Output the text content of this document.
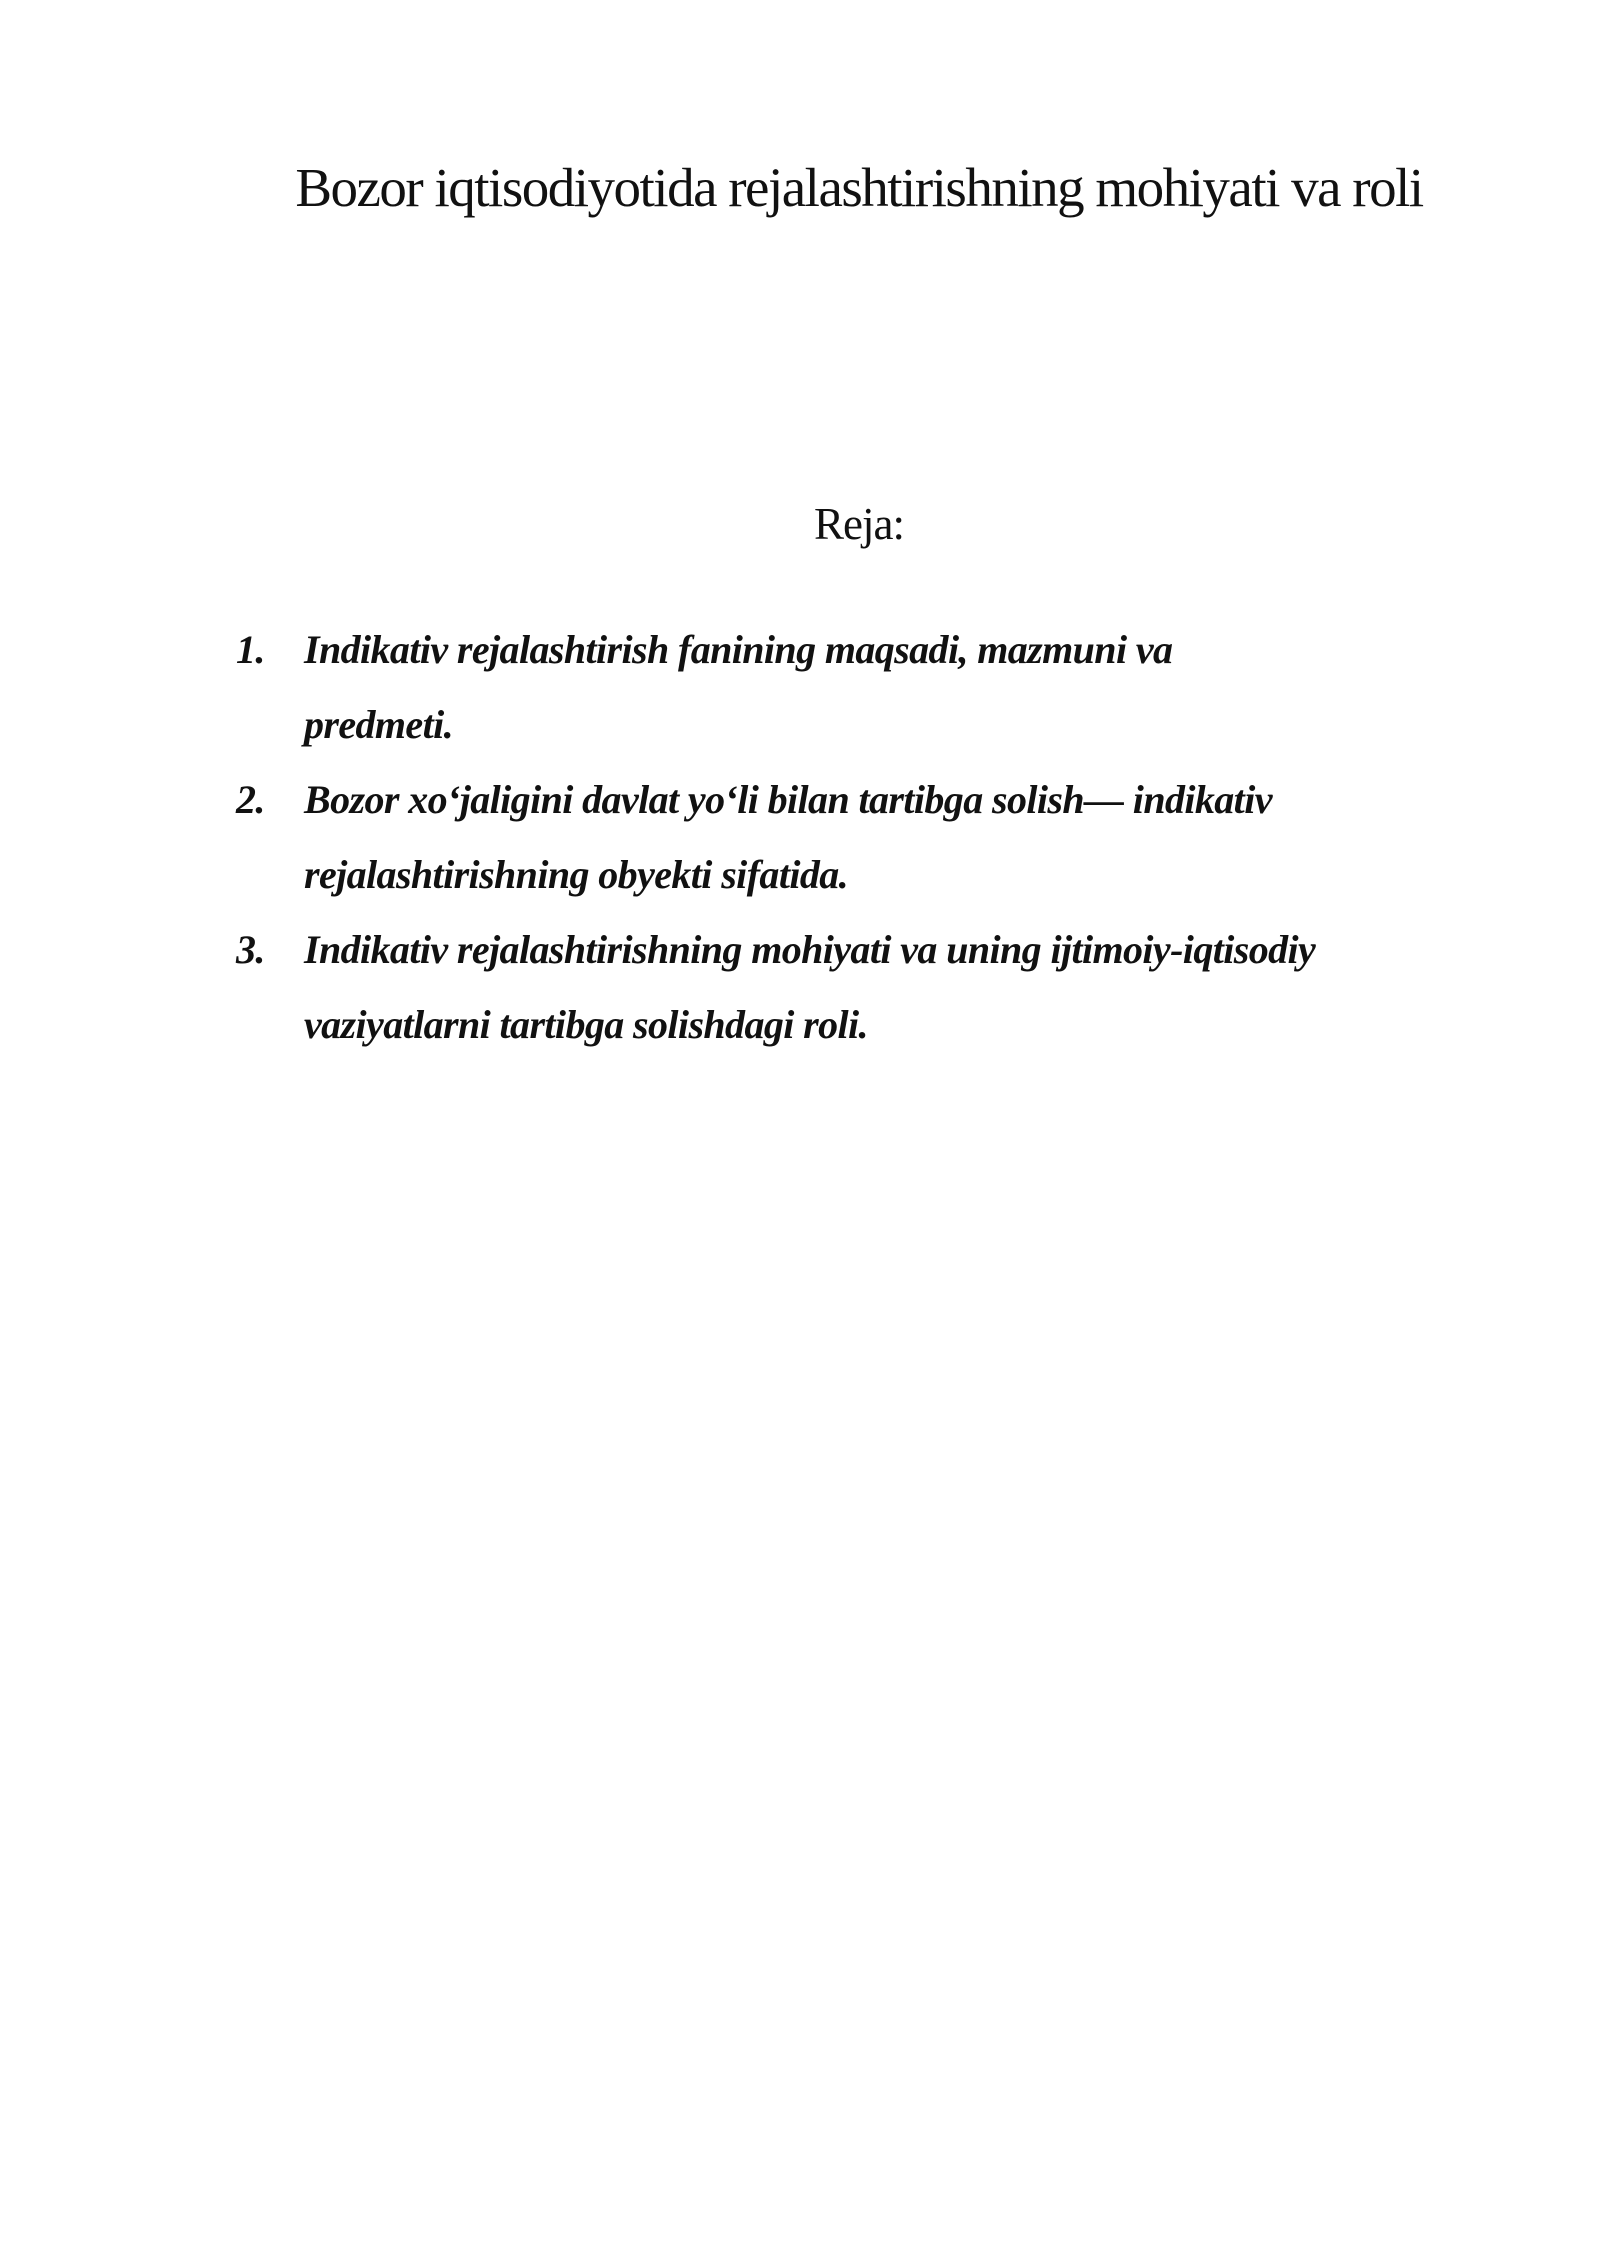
Bozor iqtisodiyotida rejalashtirishning mohiyati va roli
Reja:
1. Indikativ rejalashtirish fanining maqsadi, mazmuni va
predmeti.
2. Bozor xo‘jaligini davlat yo‘li bilan tartibga solish— indikativ
rejalashtirishning obyekti sifatida.
3. Indikativ rejalashtirishning mohiyati va uning ijtimoiy-iqtisodiy
vaziyatlarni tartibga solishdagi roli.
